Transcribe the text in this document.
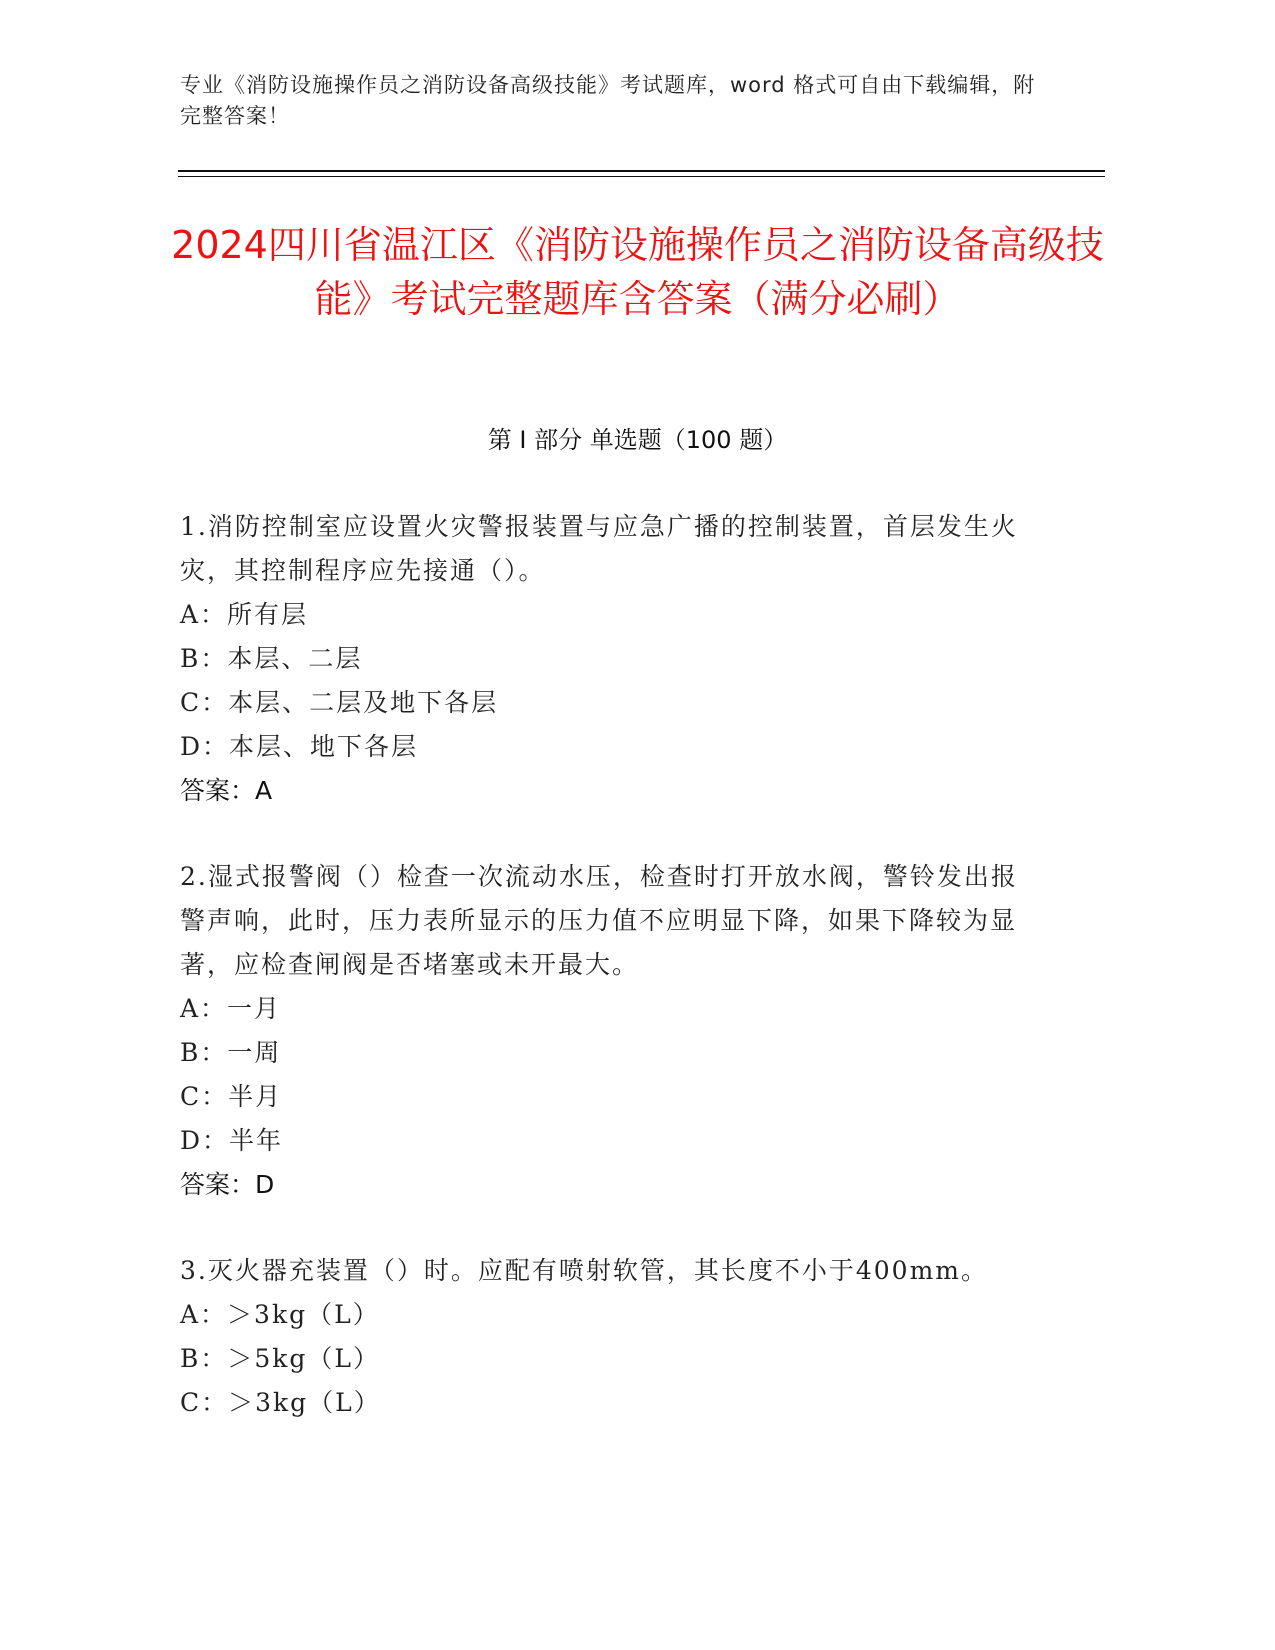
专业《消防设施操作员之消防设备高级技能》考试题库，word 格式可自由下载编辑，附完整答案！
2024四川省温江区《消防设施操作员之消防设备高级技能》考试完整题库含答案（满分必刷）
第 I 部分 单选题（100 题）
1.消防控制室应设置火灾警报装置与应急广播的控制装置，首层发生火灾，其控制程序应先接通（）。
A：所有层
B：本层、二层
C：本层、二层及地下各层
D：本层、地下各层
答案：A
2.湿式报警阀（）检查一次流动水压，检查时打开放水阀，警铃发出报警声响，此时，压力表所显示的压力值不应明显下降，如果下降较为显著，应检查闸阀是否堵塞或未开最大。
A：一月
B：一周
C：半月
D：半年
答案：D
3.灭火器充装置（）时。应配有喷射软管，其长度不小于400mm。
A：＞3kg（L）
B：＞5kg（L）
C：＞3kg（L）
